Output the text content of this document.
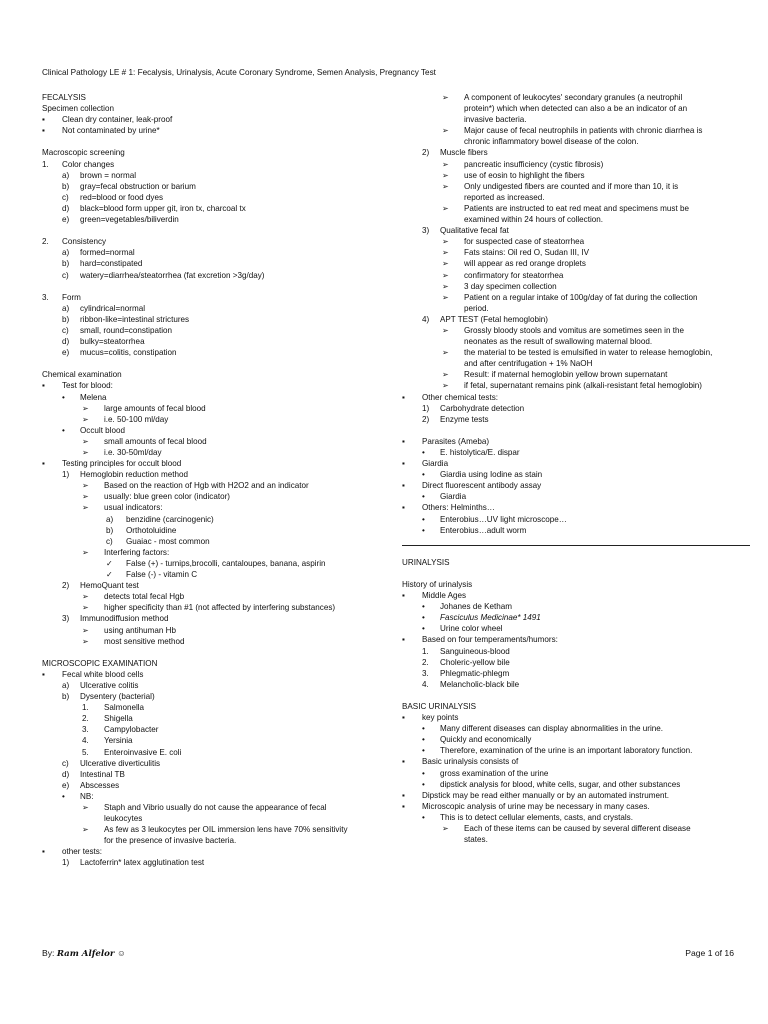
Clinical Pathology LE # 1: Fecalysis, Urinalysis, Acute Coronary Syndrome, Semen Analysis, Pregnancy Test
FECALYSIS
Specimen collection
▪ Clean dry container, leak-proof
▪ Not contaminated by urine*
Macroscopic screening
1. Color changes
a) brown = normal
b) gray=fecal obstruction or barium
c) red=blood or food dyes
d) black=blood form upper git, iron tx, charcoal tx
e) green=vegetables/biliverdin
2. Consistency
a) formed=normal
b) hard=constipated
c) watery=diarrhea/steatorrhea (fat excretion >3g/day)
3. Form
a) cylindrical=normal
b) ribbon-like=intestinal strictures
c) small, round=constipation
d) bulky=steatorrhea
e) mucus=colitis, constipation
Chemical examination
▪ Test for blood:
• Melena
➢ large amounts of fecal blood
➢ i.e. 50-100 ml/day
• Occult blood
➢ small amounts of fecal blood
➢ i.e. 30-50ml/day
▪ Testing principles for occult blood
1) Hemoglobin reduction method
➢ Based on the reaction of Hgb with H2O2 and an indicator
➢ usually: blue green color (indicator)
➢ usual indicators:
a) benzidine (carcinogenic)
b) Orthotoluidine
c) Guaiac - most common
➢ Interfering factors:
✓ False (+) - turnips,brocolli, cantaloupes, banana, aspirin
✓ False (-) - vitamin C
2) HemoQuant test
➢ detects total fecal Hgb
➢ higher specificity than #1 (not affected by interfering substances)
3) Immunodiffusion method
➢ using antihuman Hb
➢ most sensitive method
MICROSCOPIC EXAMINATION
▪ Fecal white blood cells
a) Ulcerative colitis
b) Dysentery (bacterial)
1. Salmonella
2. Shigella
3. Campylobacter
4. Yersinia
5. Enteroinvasive E. coli
c) Ulcerative diverticulitis
d) Intestinal TB
e) Abscesses
• NB:
➢ Staph and Vibrio usually do not cause the appearance of fecal
leukocytes
➢ As few as 3 leukocytes per OIL immersion lens have 70% sensitivity
for the presence of invasive bacteria.
▪ other tests:
1) Lactoferrin* latex agglutination test
➢ A component of leukocytes' secondary granules (a neutrophil
protein*) which when detected can also a be an indicator of an
invasive bacteria.
➢ Major cause of fecal neutrophils in patients with chronic diarrhea is
chronic inflammatory bowel disease of the colon.
2) Muscle fibers
➢ pancreatic insufficiency (cystic fibrosis)
➢ use of eosin to highlight the fibers
➢ Only undigested fibers are counted and if more than 10, it is
reported as increased.
➢ Patients are instructed to eat red meat and specimens must be
examined within 24 hours of collection.
3) Qualitative fecal fat
➢ for suspected case of steatorrhea
➢ Fats stains: Oil red O, Sudan III, IV
➢ will appear as red orange droplets
➢ confirmatory for steatorrhea
➢ 3 day specimen collection
➢ Patient on a regular intake of 100g/day of fat during the collection
period.
4) APT TEST (Fetal hemoglobin)
➢ Grossly bloody stools and vomitus are sometimes seen in the
neonates as the result of swallowing maternal blood.
➢ the material to be tested is emulsified in water to release hemoglobin,
and after centrifugation + 1% NaOH
➢ Result: if maternal hemoglobin yellow brown supernatant
➢ if fetal, supernatant remains pink (alkali-resistant fetal hemoglobin)
▪ Other chemical tests:
1) Carbohydrate detection
2) Enzyme tests
▪ Parasites (Ameba)
• E. histolytica/E. dispar
▪ Giardia
• Giardia using Iodine as stain
▪ Direct fluorescent antibody assay
• Giardia
▪ Others: Helminths…
• Enterobius…UV light microscope…
• Enterobius…adult worm
URINALYSIS
History of urinalysis
▪ Middle Ages
• Johanes de Ketham
• Fasciculus Medicinae* 1491
• Urine color wheel
▪ Based on four temperaments/humors:
1. Sanguineous-blood
2. Choleric-yellow bile
3. Phlegmatic-phlegm
4. Melancholic-black bile
BASIC URINALYSIS
▪ key points
• Many different diseases can display abnormalities in the urine.
• Quickly and economically
• Therefore, examination of the urine is an important laboratory function.
▪ Basic urinalysis consists of
• gross examination of the urine
• dipstick analysis for blood, white cells, sugar, and other substances
▪ Dipstick may be read either manually or by an automated instrument.
▪ Microscopic analysis of urine may be necessary in many cases.
• This is to detect cellular elements, casts, and crystals.
➢ Each of these items can be caused by several different disease
states.
By: Ram Alfelor ☺	Page 1 of 16
